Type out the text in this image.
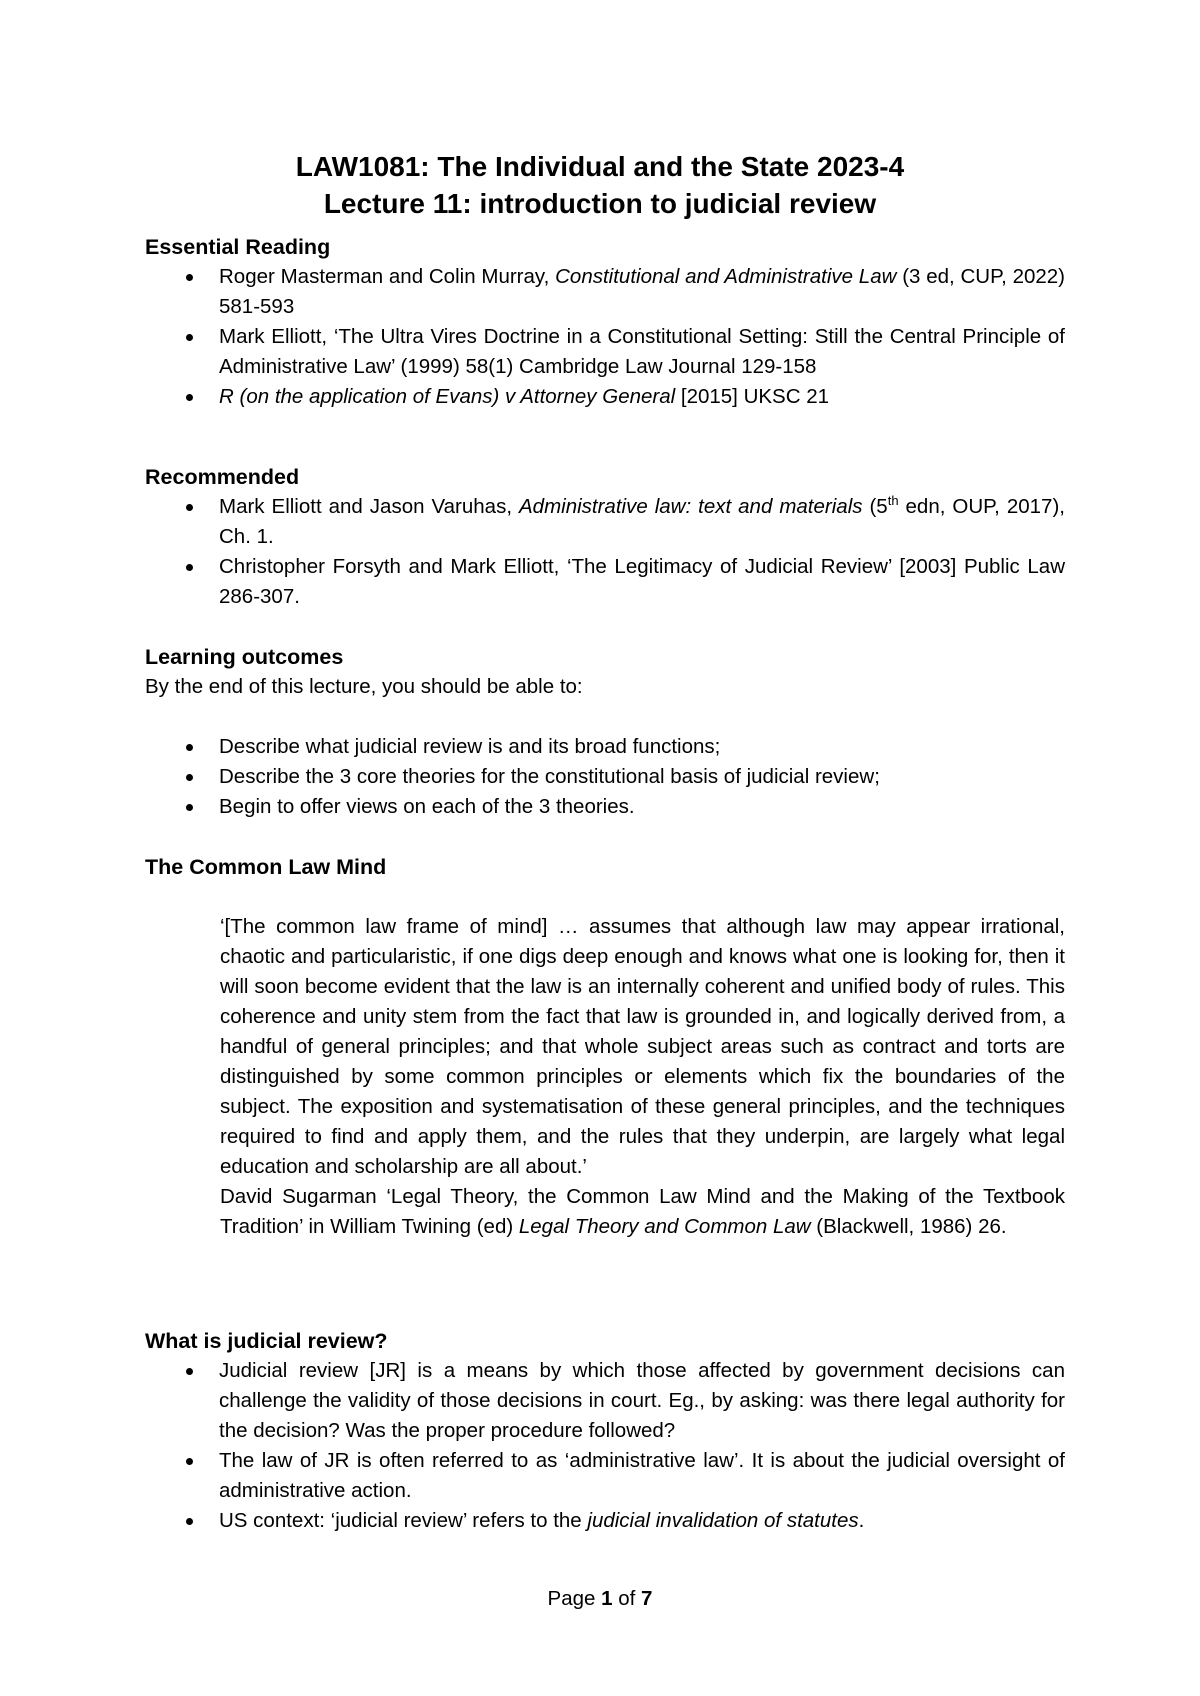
LAW1081: The Individual and the State 2023-4
Lecture 11: introduction to judicial review
Essential Reading
Roger Masterman and Colin Murray, Constitutional and Administrative Law (3 ed, CUP, 2022) 581-593
Mark Elliott, ‘The Ultra Vires Doctrine in a Constitutional Setting: Still the Central Principle of Administrative Law’ (1999) 58(1) Cambridge Law Journal 129-158
R (on the application of Evans) v Attorney General [2015] UKSC 21
Recommended
Mark Elliott and Jason Varuhas, Administrative law: text and materials (5th edn, OUP, 2017), Ch. 1.
Christopher Forsyth and Mark Elliott, ‘The Legitimacy of Judicial Review’ [2003] Public Law 286-307.
Learning outcomes

By the end of this lecture, you should be able to:

Describe what judicial review is and its broad functions;
Describe the 3 core theories for the constitutional basis of judicial review;
Begin to offer views on each of the 3 theories.
The Common Law Mind

‘[The common law frame of mind] … assumes that although law may appear irrational, chaotic and particularistic, if one digs deep enough and knows what one is looking for, then it will soon become evident that the law is an internally coherent and unified body of rules. This coherence and unity stem from the fact that law is grounded in, and logically derived from, a handful of general principles; and that whole subject areas such as contract and torts are distinguished by some common principles or elements which fix the boundaries of the subject. The exposition and systematisation of these general principles, and the techniques required to find and apply them, and the rules that they underpin, are largely what legal education and scholarship are all about.’

David Sugarman ‘Legal Theory, the Common Law Mind and the Making of the Textbook Tradition’ in William Twining (ed) Legal Theory and Common Law (Blackwell, 1986) 26.

What is judicial review?
Judicial review [JR] is a means by which those affected by government decisions can challenge the validity of those decisions in court. Eg., by asking: was there legal authority for the decision? Was the proper procedure followed?
The law of JR is often referred to as ‘administrative law’. It is about the judicial oversight of administrative action.
US context: ‘judicial review’ refers to the judicial invalidation of statutes.
Page 1 of 7
